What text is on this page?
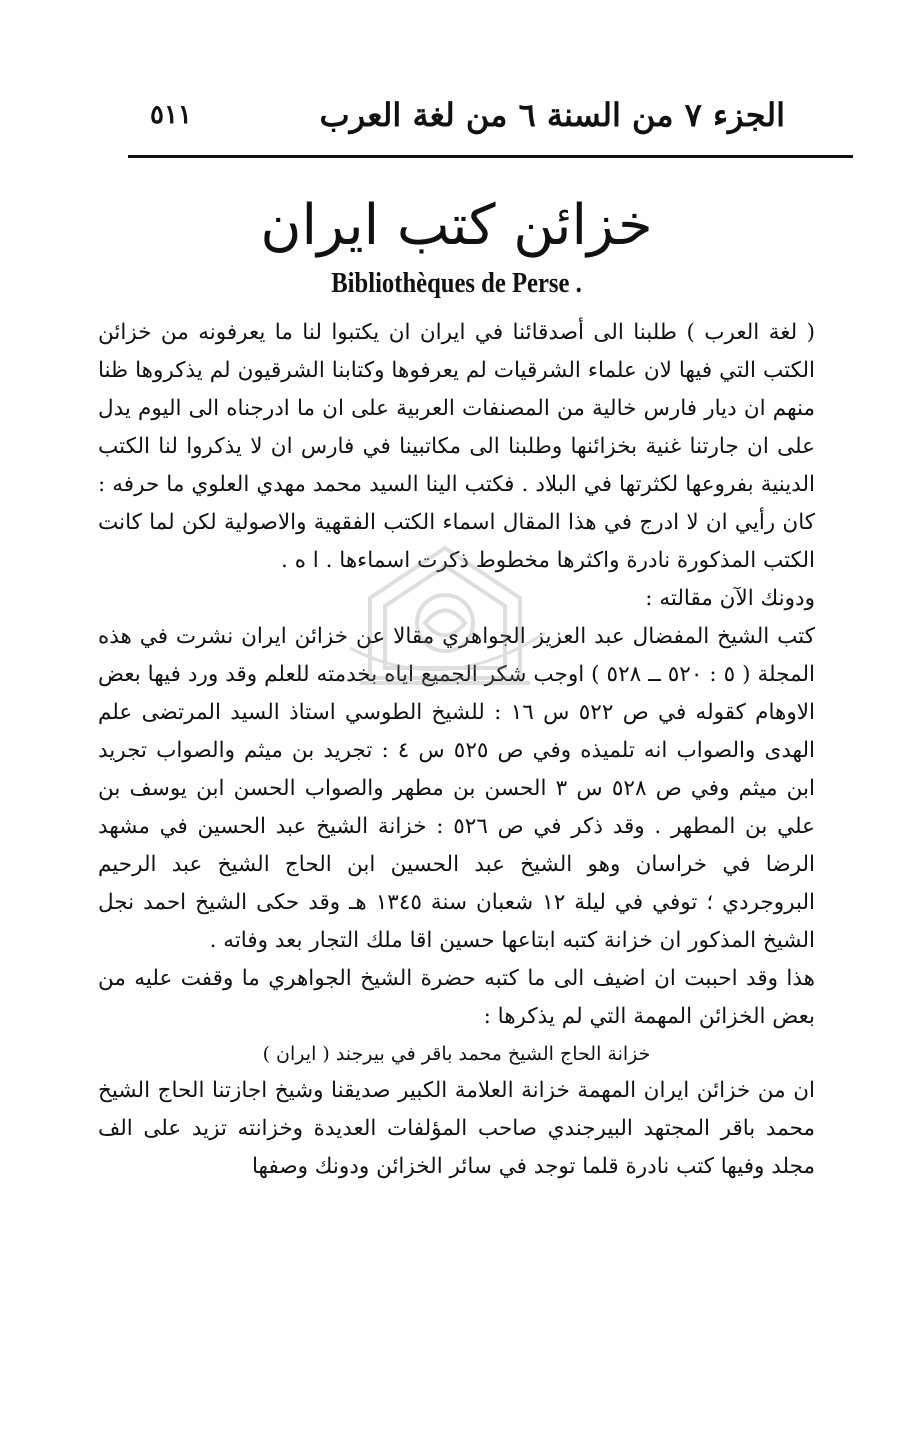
٥١١	الجزء ٧ من السنة ٦ من لغة العرب
خزائن كتب ايران
Bibliothèques de Perse .

( لغة العرب ) طلبنا الى أصدقائنا في ايران ان يكتبوا لنا ما يعرفونه من خزائن الكتب التي فيها لان علماء الشرقيات لم يعرفوها وكتابنا الشرقيون لم يذكروها ظنا منهم ان ديار فارس خالية من المصنفات العربية على ان ما ادرجناه الى اليوم يدل على ان جارتنا غنية بخزائنها وطلبنا الى مكاتبينا في فارس ان لا يذكروا لنا الكتب الدينية بفروعها لكثرتها في البلاد . فكتب الينا السيد محمد مهدي العلوي ما حرفه : كان رأيي ان لا ادرج في هذا المقال اسماء الكتب الفقهية والاصولية لكن لما كانت الكتب المذكورة نادرة واكثرها مخطوط ذكرت اسماءها . ا ه .

ودونك الآن مقالته :

كتب الشيخ المفضال عبد العزيز الجواهري مقالا عن خزائن ايران نشرت في هذه المجلة ( ٥ : ٥٢٠ ــ ٥٢٨ ) اوجب شكر الجميع اياه بخدمته للعلم وقد ورد فيها بعض الاوهام كقوله في ص ٥٢٢ س ١٦ : للشيخ الطوسي استاذ السيد المرتضى علم الهدى والصواب انه تلميذه وفي ص ٥٢٥ س ٤ : تجريد بن ميثم والصواب تجريد ابن ميثم وفي ص ٥٢٨ س ٣ الحسن بن مطهر والصواب الحسن ابن يوسف بن علي بن المطهر . وقد ذكر في ص ٥٢٦ : خزانة الشيخ عبد الحسين في مشهد الرضا في خراسان وهو الشيخ عبد الحسين ابن الحاج الشيخ عبد الرحيم البروجردي ؛ توفي في ليلة ١٢ شعبان سنة ١٣٤٥ هـ وقد حكى الشيخ احمد نجل الشيخ المذكور ان خزانة كتبه ابتاعها حسين اقا ملك التجار بعد وفاته .

هذا وقد احببت ان اضيف الى ما كتبه حضرة الشيخ الجواهري ما وقفت عليه من بعض الخزائن المهمة التي لم يذكرها :

خزانة الحاج الشيخ محمد باقر في بيرجند ( ايران )

ان من خزائن ايران المهمة خزانة العلامة الكبير صديقنا وشيخ اجازتنا الحاج الشيخ محمد باقر المجتهد البيرجندي صاحب المؤلفات العديدة وخزانته تزيد على الف مجلد وفيها كتب نادرة قلما توجد في سائر الخزائن ودونك وصفها
